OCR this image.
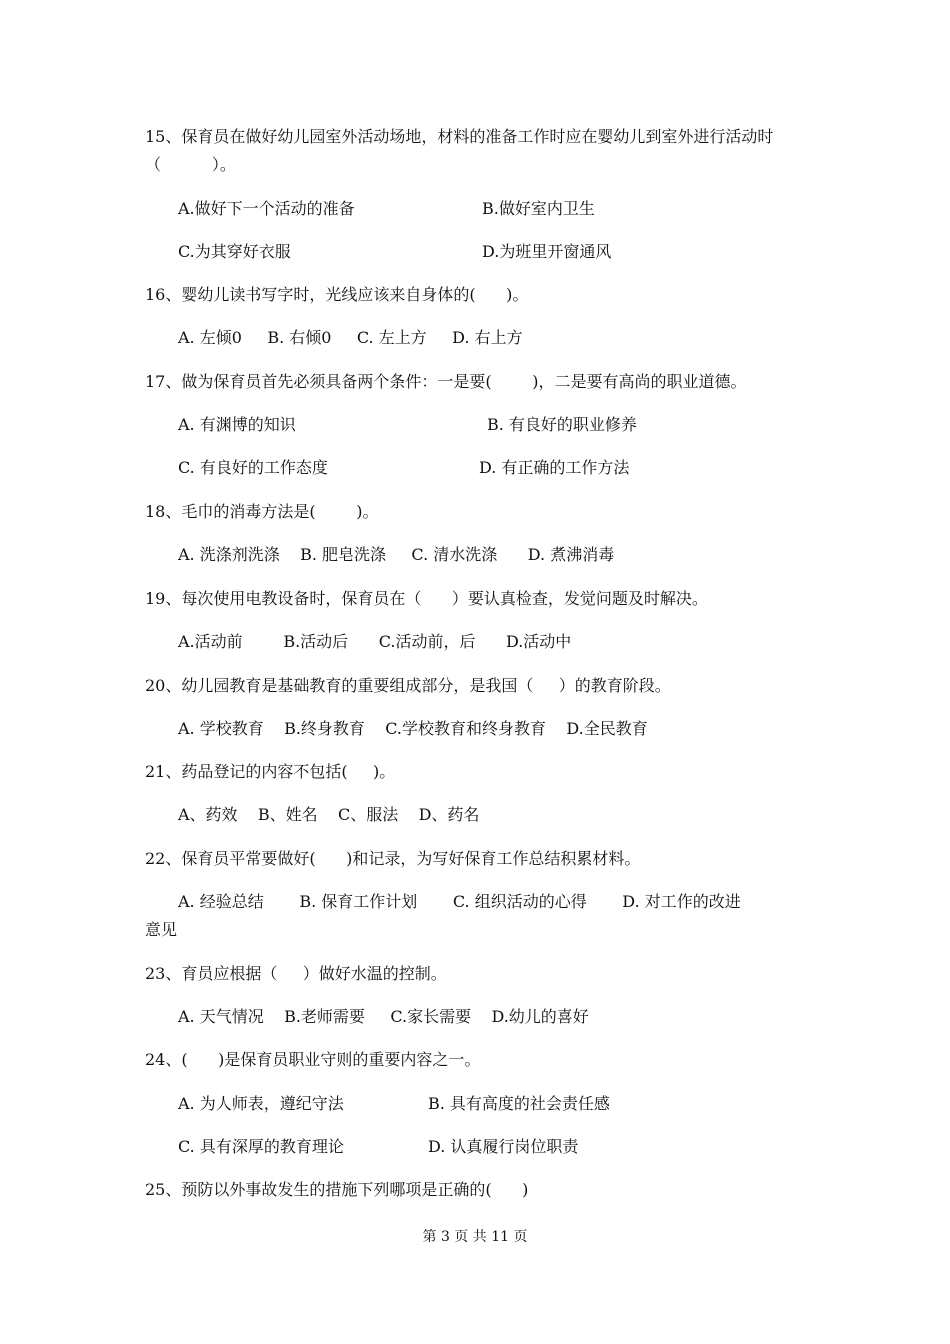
15、保育员在做好幼儿园室外活动场地，材料的准备工作时应在婴幼儿到室外进行活动时
（          ）。
A.做好下一个活动的准备	B.做好室内卫生
C.为其穿好衣服	D.为班里开窗通风
16、婴幼儿读书写字时，光线应该来自身体的(      )。
A. 左倾0     B. 右倾0     C. 左上方     D. 右上方
17、做为保育员首先必须具备两个条件：一是要(        )，二是要有高尚的职业道德。
A. 有渊博的知识	B. 有良好的职业修养
C. 有良好的工作态度	D. 有正确的工作方法
18、毛巾的消毒方法是(        )。
A. 洗涤剂洗涤    B. 肥皂洗涤     C. 清水洗涤      D. 煮沸消毒
19、每次使用电教设备时，保育员在（      ）要认真检查，发觉问题及时解决。
A.活动前        B.活动后      C.活动前，后      D.活动中
20、幼儿园教育是基础教育的重要组成部分，是我国（     ）的教育阶段。
A. 学校教育    B.终身教育    C.学校教育和终身教育    D.全民教育
21、药品登记的内容不包括(     )。
A、药效    B、姓名    C、服法    D、药名
22、保育员平常要做好(      )和记录，为写好保育工作总结积累材料。
A. 经验总结       B. 保育工作计划       C. 组织活动的心得       D. 对工作的改进
意见
23、育员应根据（     ）做好水温的控制。
A. 天气情况    B.老师需要     C.家长需要    D.幼儿的喜好
24、(      )是保育员职业守则的重要内容之一。
A. 为人师表，遵纪守法	B. 具有高度的社会责任感
C. 具有深厚的教育理论	D. 认真履行岗位职责
25、预防以外事故发生的措施下列哪项是正确的(      )
第 3 页 共 11 页
